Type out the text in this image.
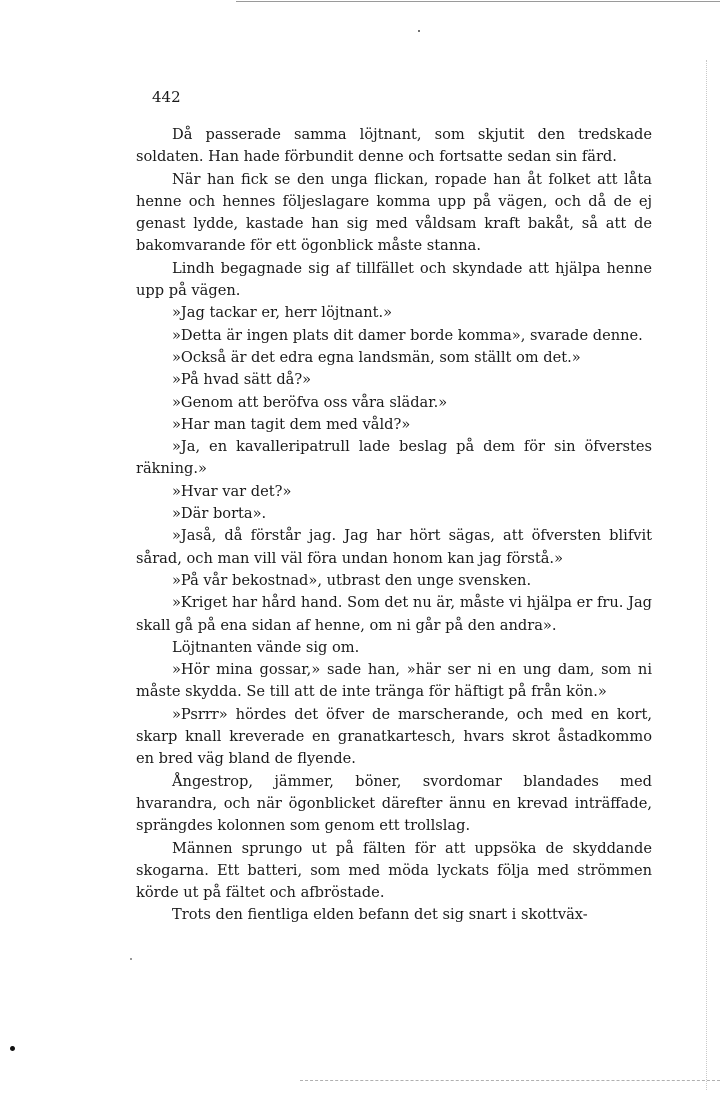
442

Då passerade samma löjtnant, som skjutit den tredskade soldaten. Han hade förbundit denne och fortsatte sedan sin färd.

När han fick se den unga flickan, ropade han åt folket att låta henne och hennes följeslagare komma upp på vägen, och då de ej genast lydde, kastade han sig med våldsam kraft bakåt, så att de bakomvarande för ett ögonblick måste stanna.

Lindh begagnade sig af tillfället och skyndade att hjälpa henne upp på vägen.

»Jag tackar er, herr löjtnant.»

»Detta är ingen plats dit damer borde komma», svarade denne.

»Också är det edra egna landsmän, som ställt om det.»

»På hvad sätt då?»

»Genom att beröfva oss våra slädar.»

»Har man tagit dem med våld?»

»Ja, en kavalleripatrull lade beslag på dem för sin öfverstes räkning.»

»Hvar var det?»

»Där borta».

»Jaså, då förstår jag. Jag har hört sägas, att öfversten blifvit sårad, och man vill väl föra undan honom kan jag förstå.»

»På vår bekostnad», utbrast den unge svensken.

»Kriget har hård hand. Som det nu är, måste vi hjälpa er fru. Jag skall gå på ena sidan af henne, om ni går på den andra».

Löjtnanten vände sig om.

»Hör mina gossar,» sade han, »här ser ni en ung dam, som ni måste skydda. Se till att de inte tränga för häftigt på från kön.»

»Psrrr» hördes det öfver de marscherande, och med en kort, skarp knall kreverade en granatkartesch, hvars skrot åstadkommo en bred väg bland de flyende.

Ångestrop, jämmer, böner, svordomar blandades med hvarandra, och när ögonblicket därefter ännu en krevad inträffade, sprängdes kolonnen som genom ett trollslag.

Männen sprungo ut på fälten för att uppsöka de skyddande skogarna. Ett batteri, som med möda lyckats följa med strömmen körde ut på fältet och afbröstade.

Trots den fientliga elden befann det sig snart i skottväx-
